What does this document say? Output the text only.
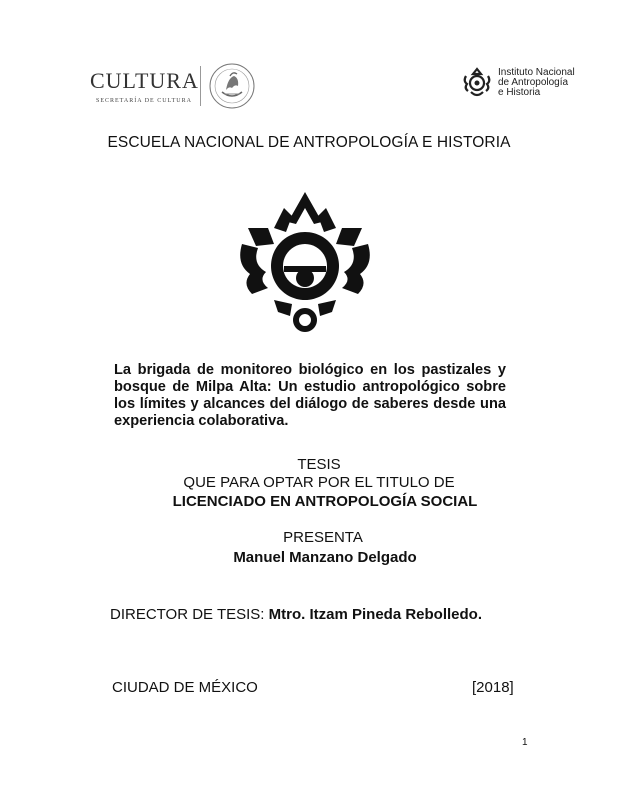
CULTURA
SECRETARÍA DE CULTURA
Instituto Nacional
de Antropología
e Historia
ESCUELA NACIONAL DE ANTROPOLOGÍA E HISTORIA
La brigada de monitoreo biológico en los pastizales y bosque de Milpa Alta: Un estudio antropológico sobre los límites y alcances del diálogo de saberes desde una experiencia colaborativa.
TESIS
QUE PARA OPTAR POR EL TITULO DE
LICENCIADO EN ANTROPOLOGÍA SOCIAL
PRESENTA
Manuel Manzano Delgado
DIRECTOR DE TESIS: Mtro. Itzam Pineda Rebolledo.
CIUDAD DE MÉXICO	[2018]
1
